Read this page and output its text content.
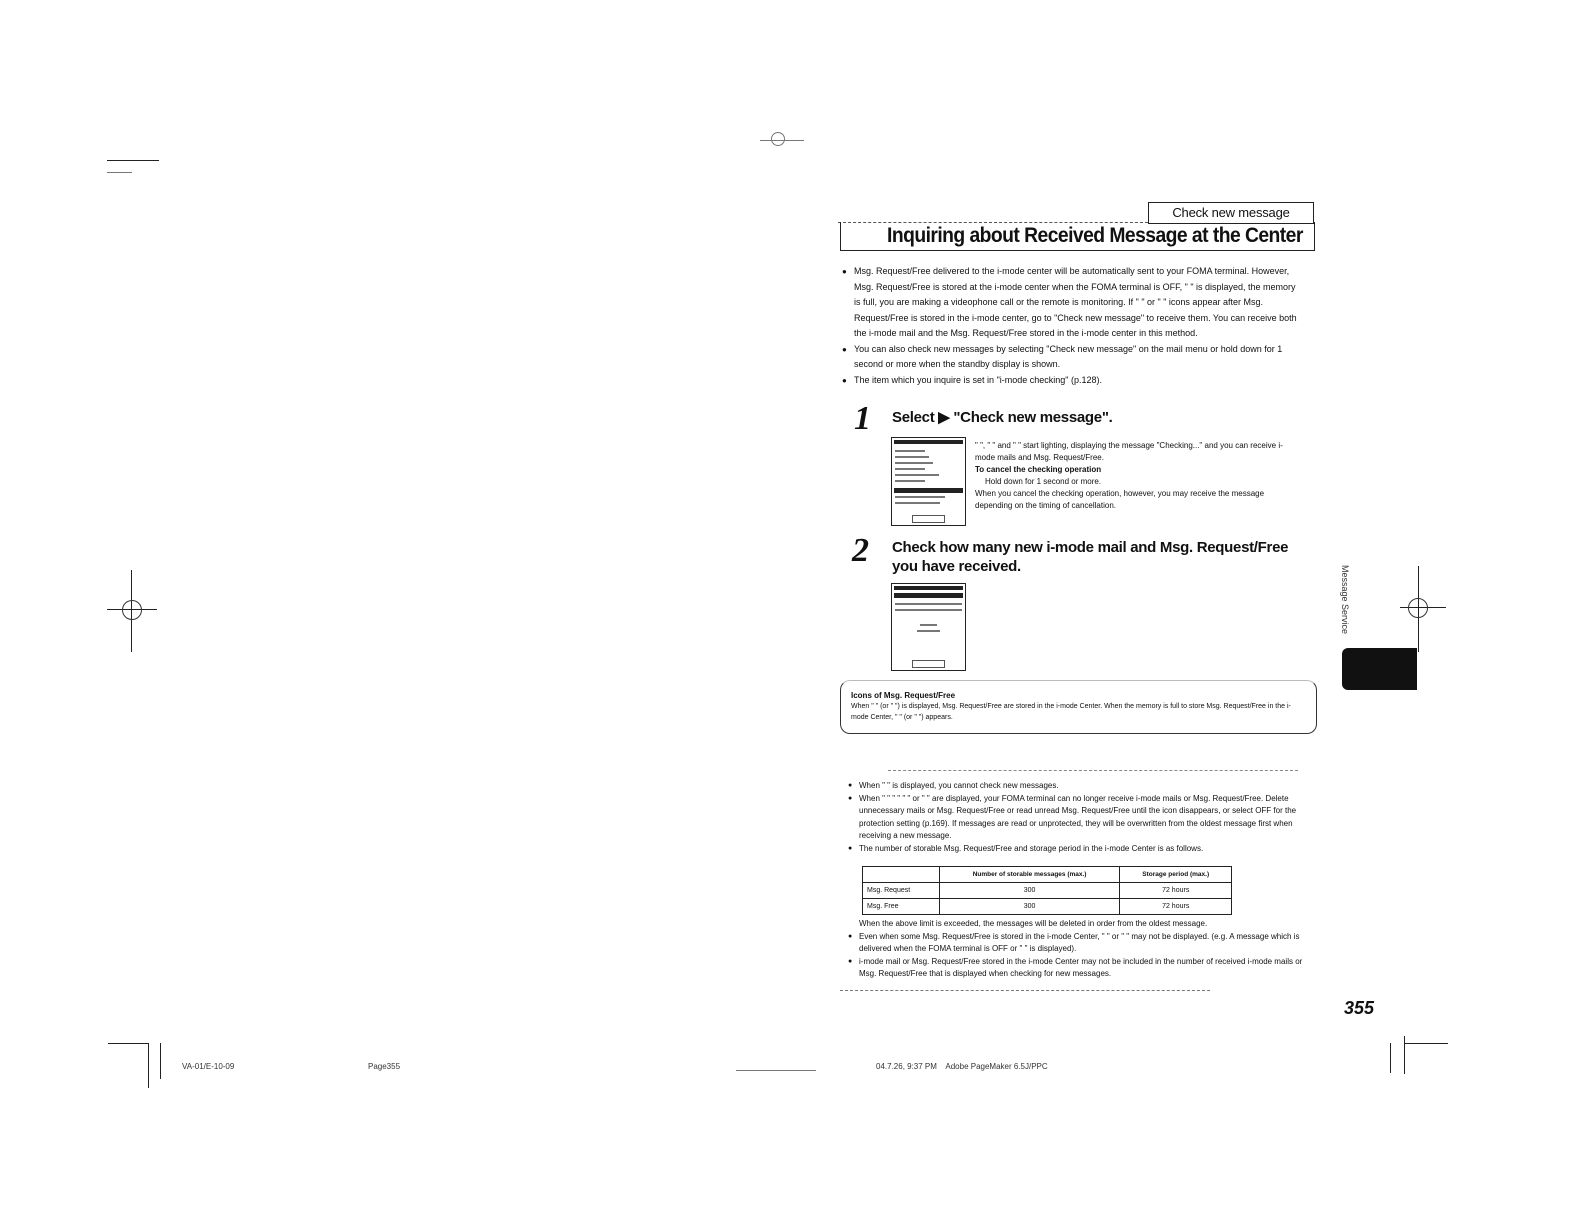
Check new message
Inquiring about Received Message at the Center

● Msg. Request/Free delivered to the i-mode center will be automatically sent to your FOMA terminal. However, Msg. Request/Free is stored at the i-mode center when the FOMA terminal is OFF, " " is displayed, the memory is full, you are making a videophone call or the remote is monitoring. If " " or " " icons appear after Msg. Request/Free is stored in the i-mode center, go to "Check new message" to receive them. You can receive both the i-mode mail and the Msg. Request/Free stored in the i-mode center in this method.

● You can also check new messages by selecting "Check new message" on the mail menu or hold down for 1 second or more when the standby display is shown.

● The item which you inquire is set in "i-mode checking" (p.128).

1 Select ▶ "Check new message".
" ", " " and " " start lighting, displaying the message "Checking..." and you can receive i-mode mails and Msg. Request/Free.
To cancel the checking operation
Hold down for 1 second or more.
When you cancel the checking operation, however, you may receive the message depending on the timing of cancellation.
2 Check how many new i-mode mail and Msg. Request/Free you have received.
Icons of Msg. Request/Free
When " " (or " ") is displayed, Msg. Request/Free are stored in the i-mode Center. When the memory is full to store Msg. Request/Free in the i-mode Center, " " (or " ") appears.

● When " " is displayed, you cannot check new messages.

● When " " " " " " or " " are displayed, your FOMA terminal can no longer receive i-mode mails or Msg. Request/Free. Delete unnecessary mails or Msg. Request/Free or read unread Msg. Request/Free until the icon disappears, or select OFF for the protection setting (p.169). If messages are read or unprotected, they will be overwritten from the oldest message first when receiving a new message.

● The number of storable Msg. Request/Free and storage period in the i-mode Center is as follows.

	Number of storable messages (max.)	Storage period (max.)
Msg. Request	300	72 hours
Msg. Free	300	72 hours

When the above limit is exceeded, the messages will be deleted in order from the oldest message.

● Even when some Msg. Request/Free is stored in the i-mode Center, " " or " " may not be displayed. (e.g. A message which is delivered when the FOMA terminal is OFF or " " is displayed).

● i-mode mail or Msg. Request/Free stored in the i-mode Center may not be included in the number of received i-mode mails or Msg. Request/Free that is displayed when checking for new messages.

Message Service
355
VA-01/E-10-09	Page355	04.7.26, 9:37 PM    Adobe PageMaker 6.5J/PPC
